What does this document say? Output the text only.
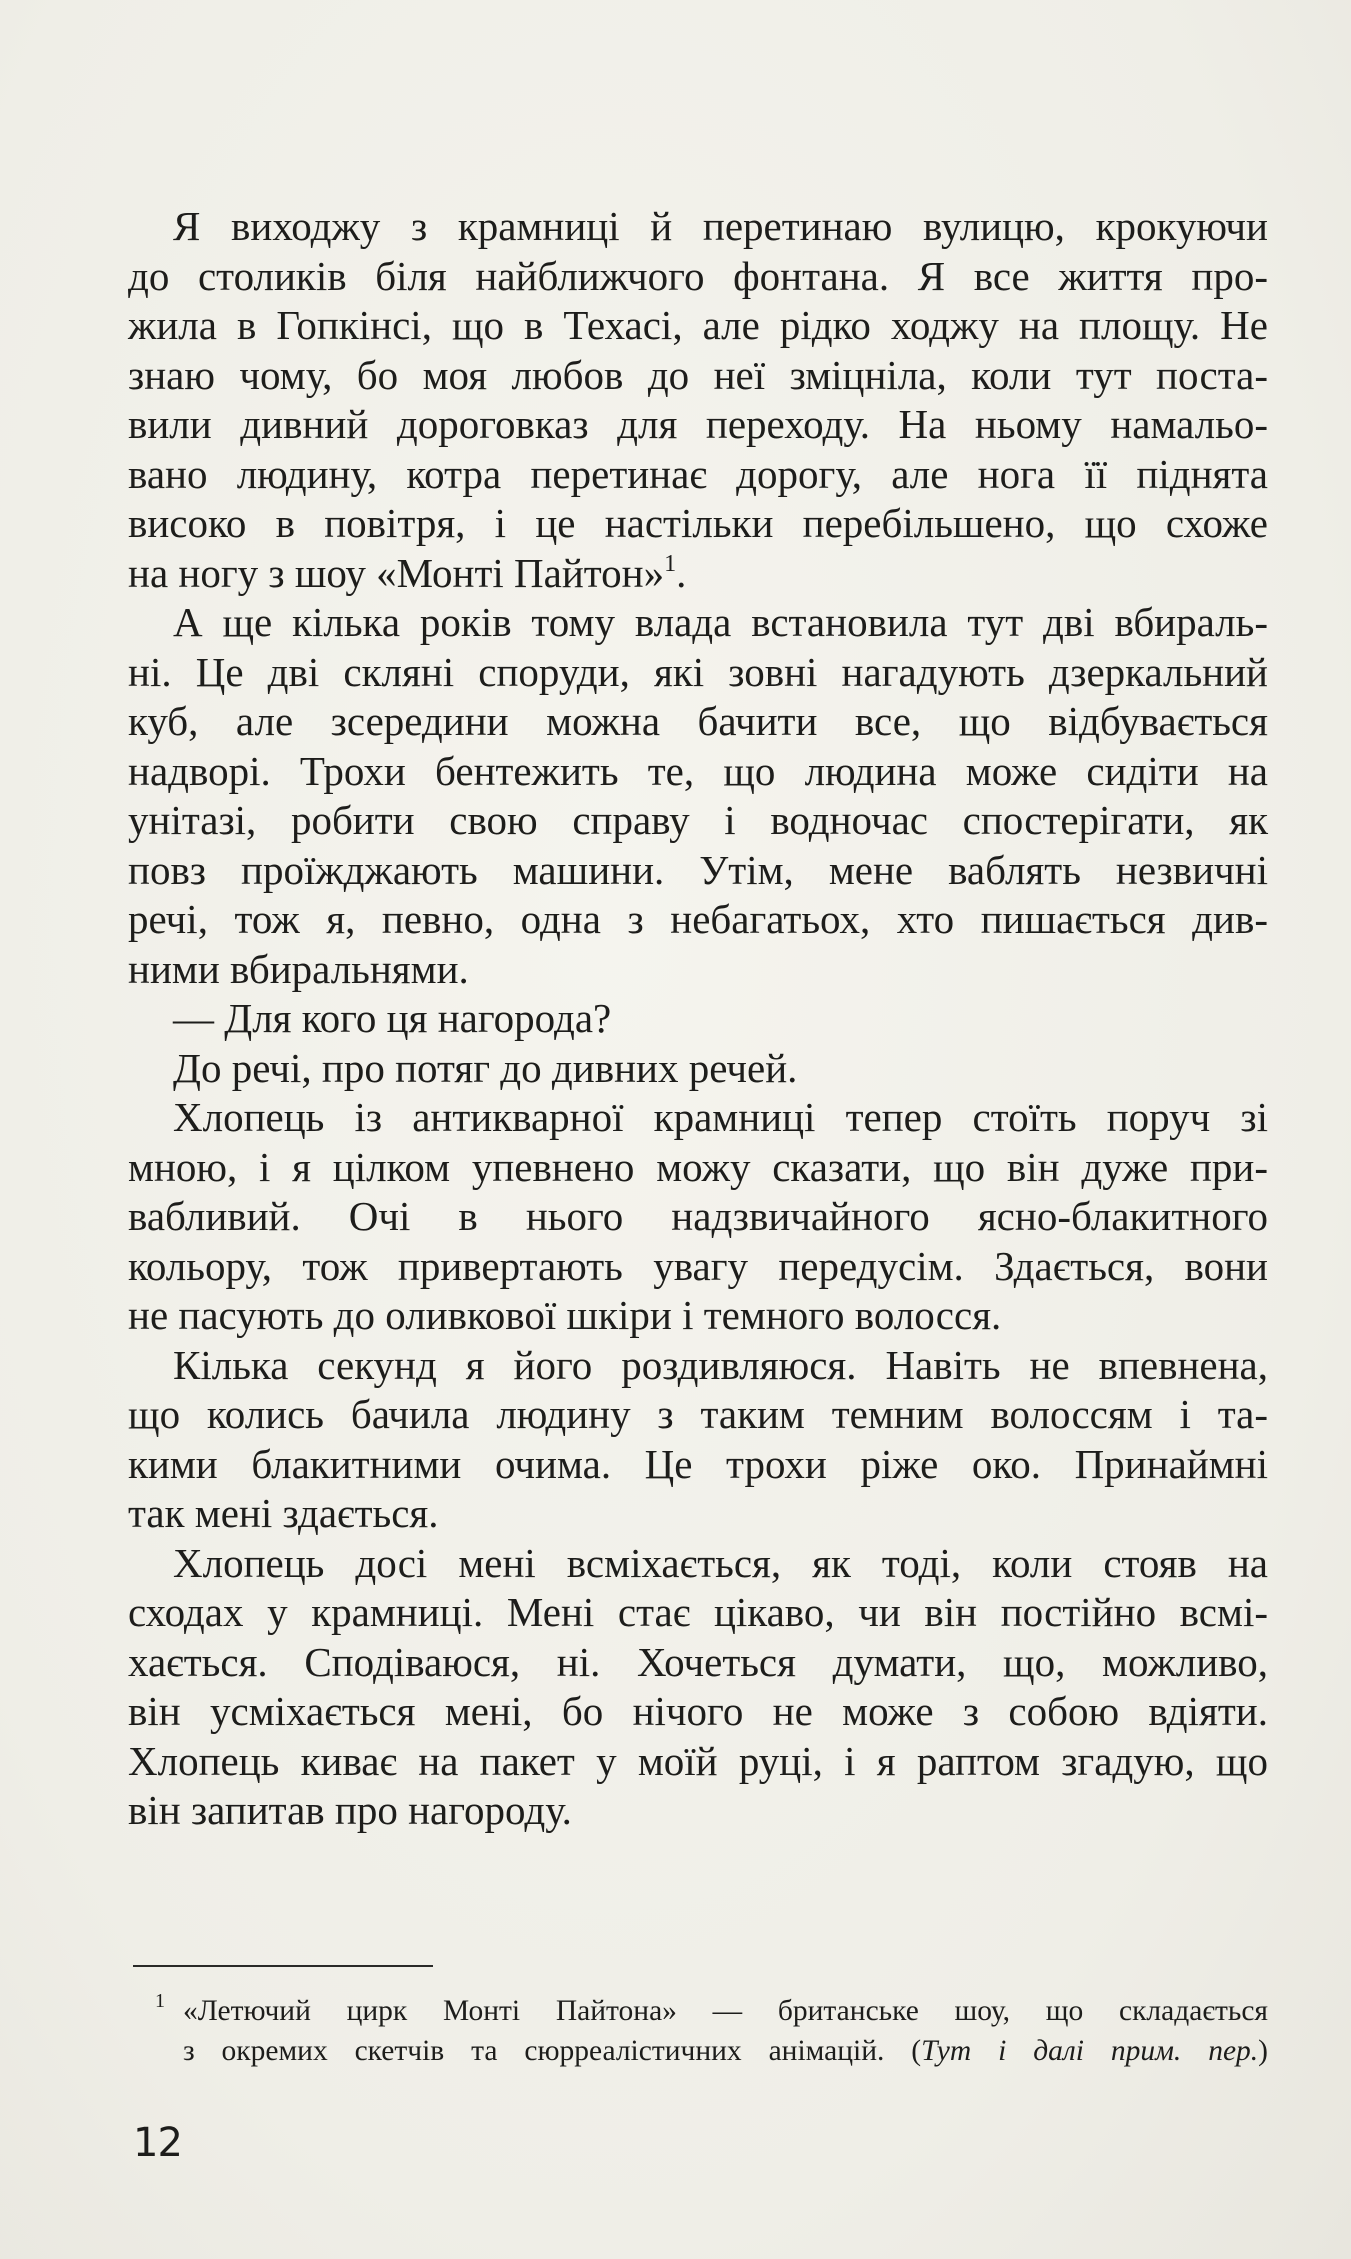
Я виходжу з крамниці й перетинаю вулицю, крокуючи
до столиків біля найближчого фонтана. Я все життя про-
жила в Гопкінсі, що в Техасі, але рідко ходжу на площу. Не
знаю чому, бо моя любов до неї зміцніла, коли тут поста-
вили дивний дороговказ для переходу. На ньому намальо-
вано людину, котра перетинає дорогу, але нога її піднята
високо в повітря, і це настільки перебільшено, що схоже
на ногу з шоу «Монті Пайтон»$^1$.

А ще кілька років тому влада встановила тут дві вбираль-
ні. Це дві скляні споруди, які зовні нагадують дзеркальний
куб, але зсередини можна бачити все, що відбувається
надворі. Трохи бентежить те, що людина може сидіти на
унітазі, робити свою справу і водночас спостерігати, як
повз проїжджають машини. Утім, мене ваблять незвичні
речі, тож я, певно, одна з небагатьох, хто пишається див-
ними вбиральнями.

— Для кого ця нагорода?

До речі, про потяг до дивних речей.

Хлопець із антикварної крамниці тепер стоїть поруч зі
мною, і я цілком упевнено можу сказати, що він дуже при-
вабливий. Очі в нього надзвичайного ясно-блакитного
кольору, тож привертають увагу передусім. Здається, вони
не пасують до оливкової шкіри і темного волосся.

Кілька секунд я його роздивляюся. Навіть не впевнена,
що колись бачила людину з таким темним волоссям і та-
кими блакитними очима. Це трохи ріже око. Принаймні
так мені здається.

Хлопець досі мені всміхається, як тоді, коли стояв на
сходах у крамниці. Мені стає цікаво, чи він постійно всмі-
хається. Сподіваюся, ні. Хочеться думати, що, можливо,
він усміхається мені, бо нічого не може з собою вдіяти.
Хлопець киває на пакет у моїй руці, і я раптом згадую, що
він запитав про нагороду.

1 «Летючий цирк Монті Пайтона» — британське шоу, що складається
з окремих скетчів та сюрреалістичних анімацій. (Тут і далі прим. пер.)
12
